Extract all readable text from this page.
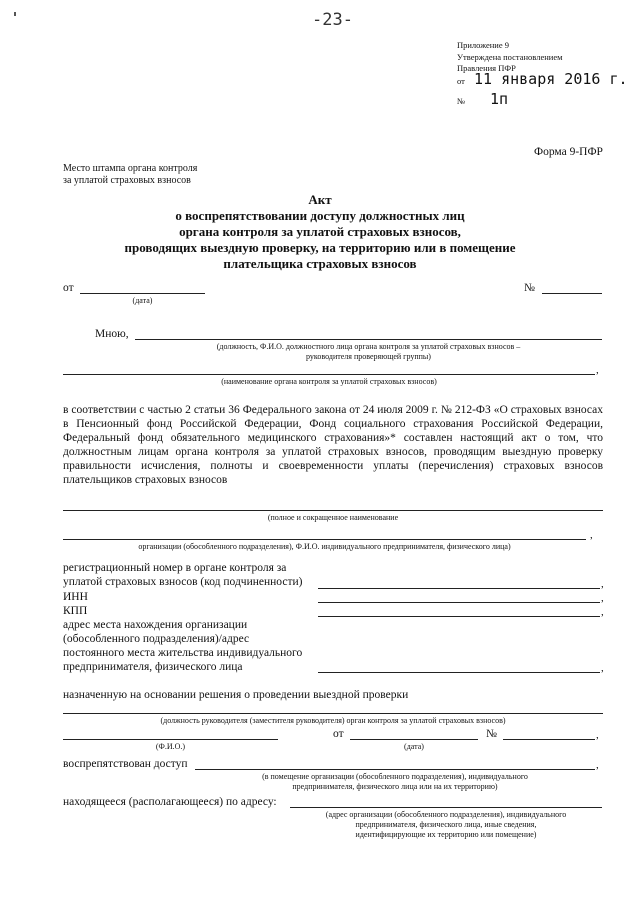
-23-
Приложение 9
Утверждена постановлением
Правления ПФР
от 11 января 2016 г.
№ 1п
Форма 9-ПФР
Место штампа органа контроля
за уплатой страховых взносов
Акт
о воспрепятствовании доступу должностных лиц
органа контроля за уплатой страховых взносов,
проводящих выездную проверку, на территорию или в помещение
плательщика страховых взносов
от
(дата)
№
Мною,
(должность, Ф.И.О. должностного лица органа контроля за уплатой страховых взносов –
руководителя проверяющей группы)
,
(наименование органа контроля за уплатой страховых взносов)
в соответствии с частью 2 статьи 36 Федерального закона от 24 июля 2009 г. № 212-ФЗ «О страховых взносах в Пенсионный фонд Российской Федерации, Фонд социального страхования Российской Федерации, Федеральный фонд обязательного медицинского страхования»* составлен настоящий акт о том, что должностным лицам органа контроля за уплатой страховых взносов, проводящим выездную проверку правильности исчисления, полноты и своевременности уплаты (перечисления) страховых взносов плательщиков страховых взносов
(полное и сокращенное наименование
,
организации (обособленного подразделения), Ф.И.О. индивидуального предпринимателя, физического лица)
регистрационный номер в органе контроля за
уплатой страховых взносов (код подчиненности)	,
ИНН	,
КПП	,
адрес места нахождения организации
(обособленного подразделения)/адрес
постоянного места жительства индивидуального
предпринимателя, физического лица	,
назначенную на основании решения о проведении выездной проверки
(должность руководителя (заместителя руководителя) орган контроля за уплатой страховых взносов)
(Ф.И.О.)
от
(дата)
№	,
воспрепятствован доступ	,
(в помещение организации (обособленного подразделения), индивидуального
предпринимателя, физического лица или на их территорию)
находящееся (располагающееся) по адресу:
(адрес организации (обособленного подразделения), индивидуального
предпринимателя, физического лица, иные сведения,
идентифицирующие их территорию или помещение)
